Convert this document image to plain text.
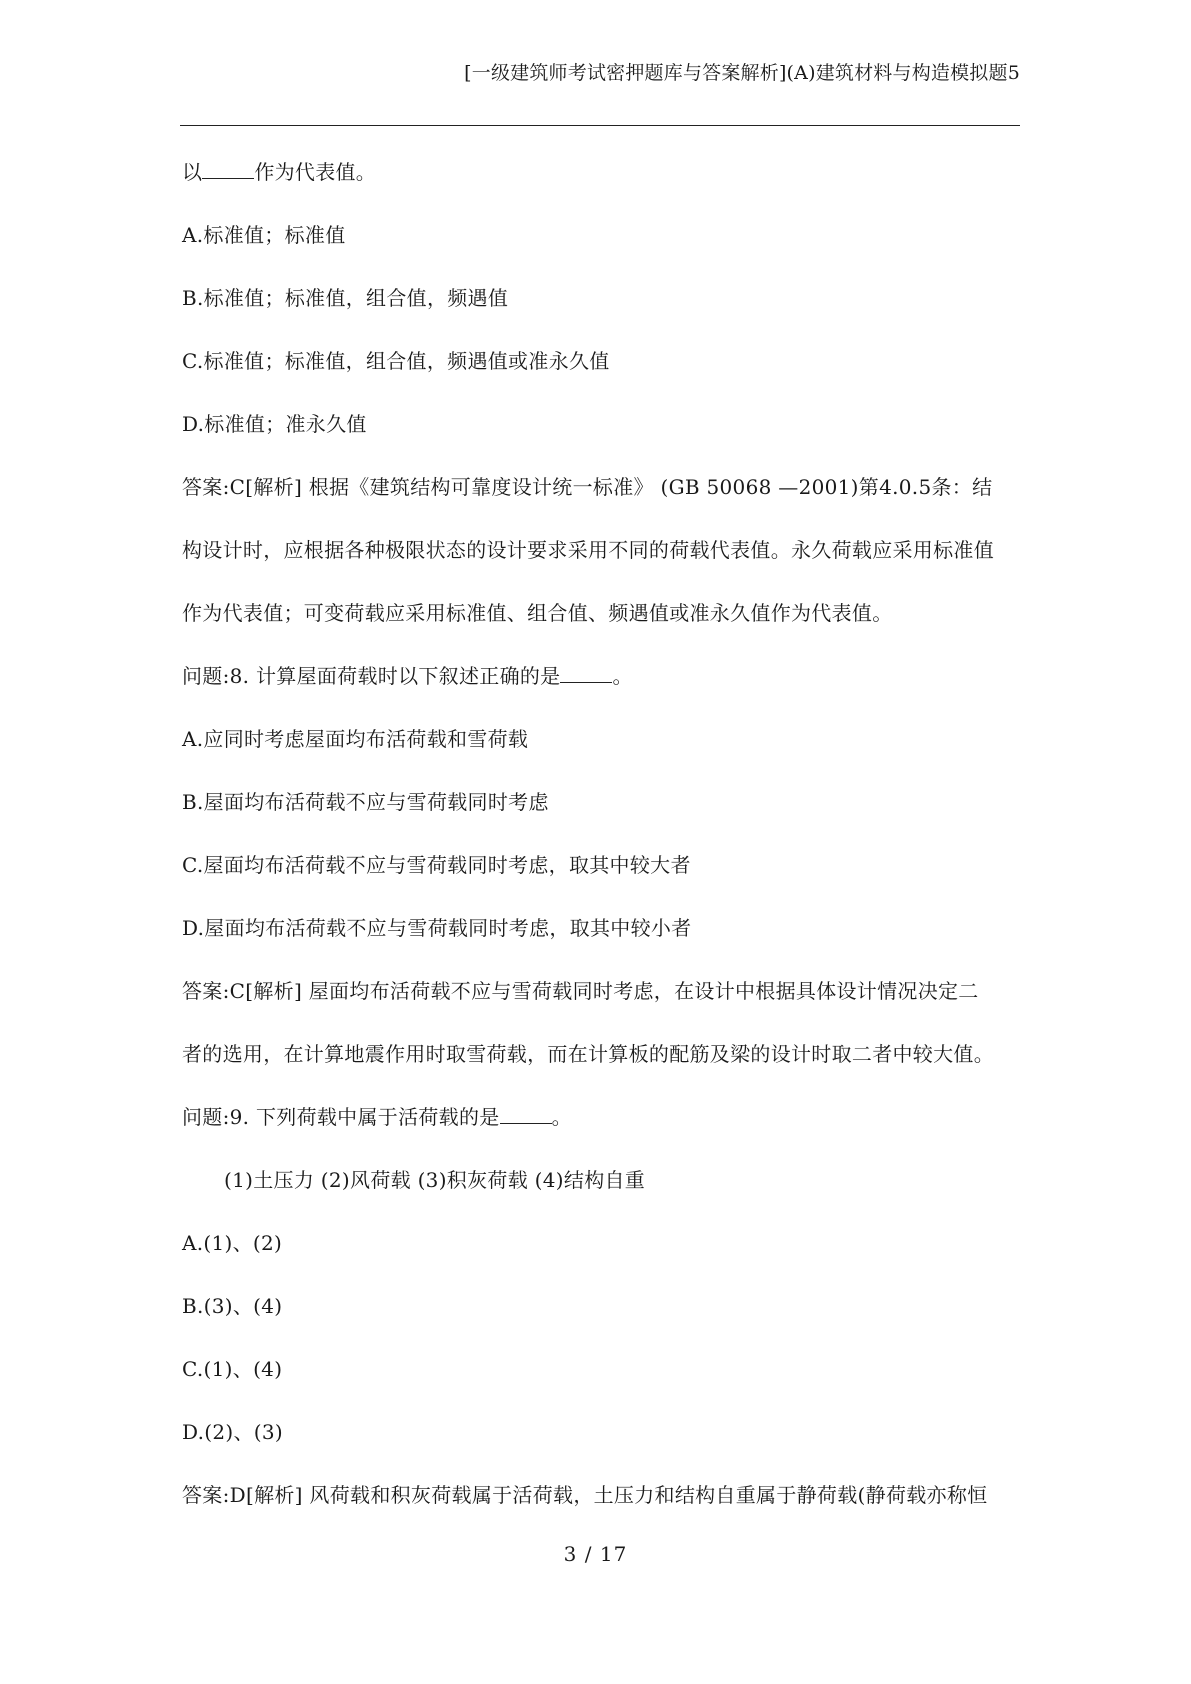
[一级建筑师考试密押题库与答案解析](A)建筑材料与构造模拟题5
以	作为代表值。
A.标准值；标准值
B.标准值；标准值，组合值，频遇值
C.标准值；标准值，组合值，频遇值或准永久值
D.标准值；准永久值
答案:C[解析] 根据《建筑结构可靠度设计统一标准》 (GB 50068 —2001)第4.0.5条：结
构设计时，应根据各种极限状态的设计要求采用不同的荷载代表值。永久荷载应采用标准值
作为代表值；可变荷载应采用标准值、组合值、频遇值或准永久值作为代表值。
问题:8. 计算屋面荷载时以下叙述正确的是	。
A.应同时考虑屋面均布活荷载和雪荷载
B.屋面均布活荷载不应与雪荷载同时考虑
C.屋面均布活荷载不应与雪荷载同时考虑，取其中较大者
D.屋面均布活荷载不应与雪荷载同时考虑，取其中较小者
答案:C[解析] 屋面均布活荷载不应与雪荷载同时考虑，在设计中根据具体设计情况决定二
者的选用，在计算地震作用时取雪荷载，而在计算板的配筋及梁的设计时取二者中较大值。
问题:9. 下列荷载中属于活荷载的是	。
(1)土压力 (2)风荷载 (3)积灰荷载 (4)结构自重
A.(1)、(2)
B.(3)、(4)
C.(1)、(4)
D.(2)、(3)
答案:D[解析] 风荷载和积灰荷载属于活荷载，土压力和结构自重属于静荷载(静荷载亦称恒
3 / 17
